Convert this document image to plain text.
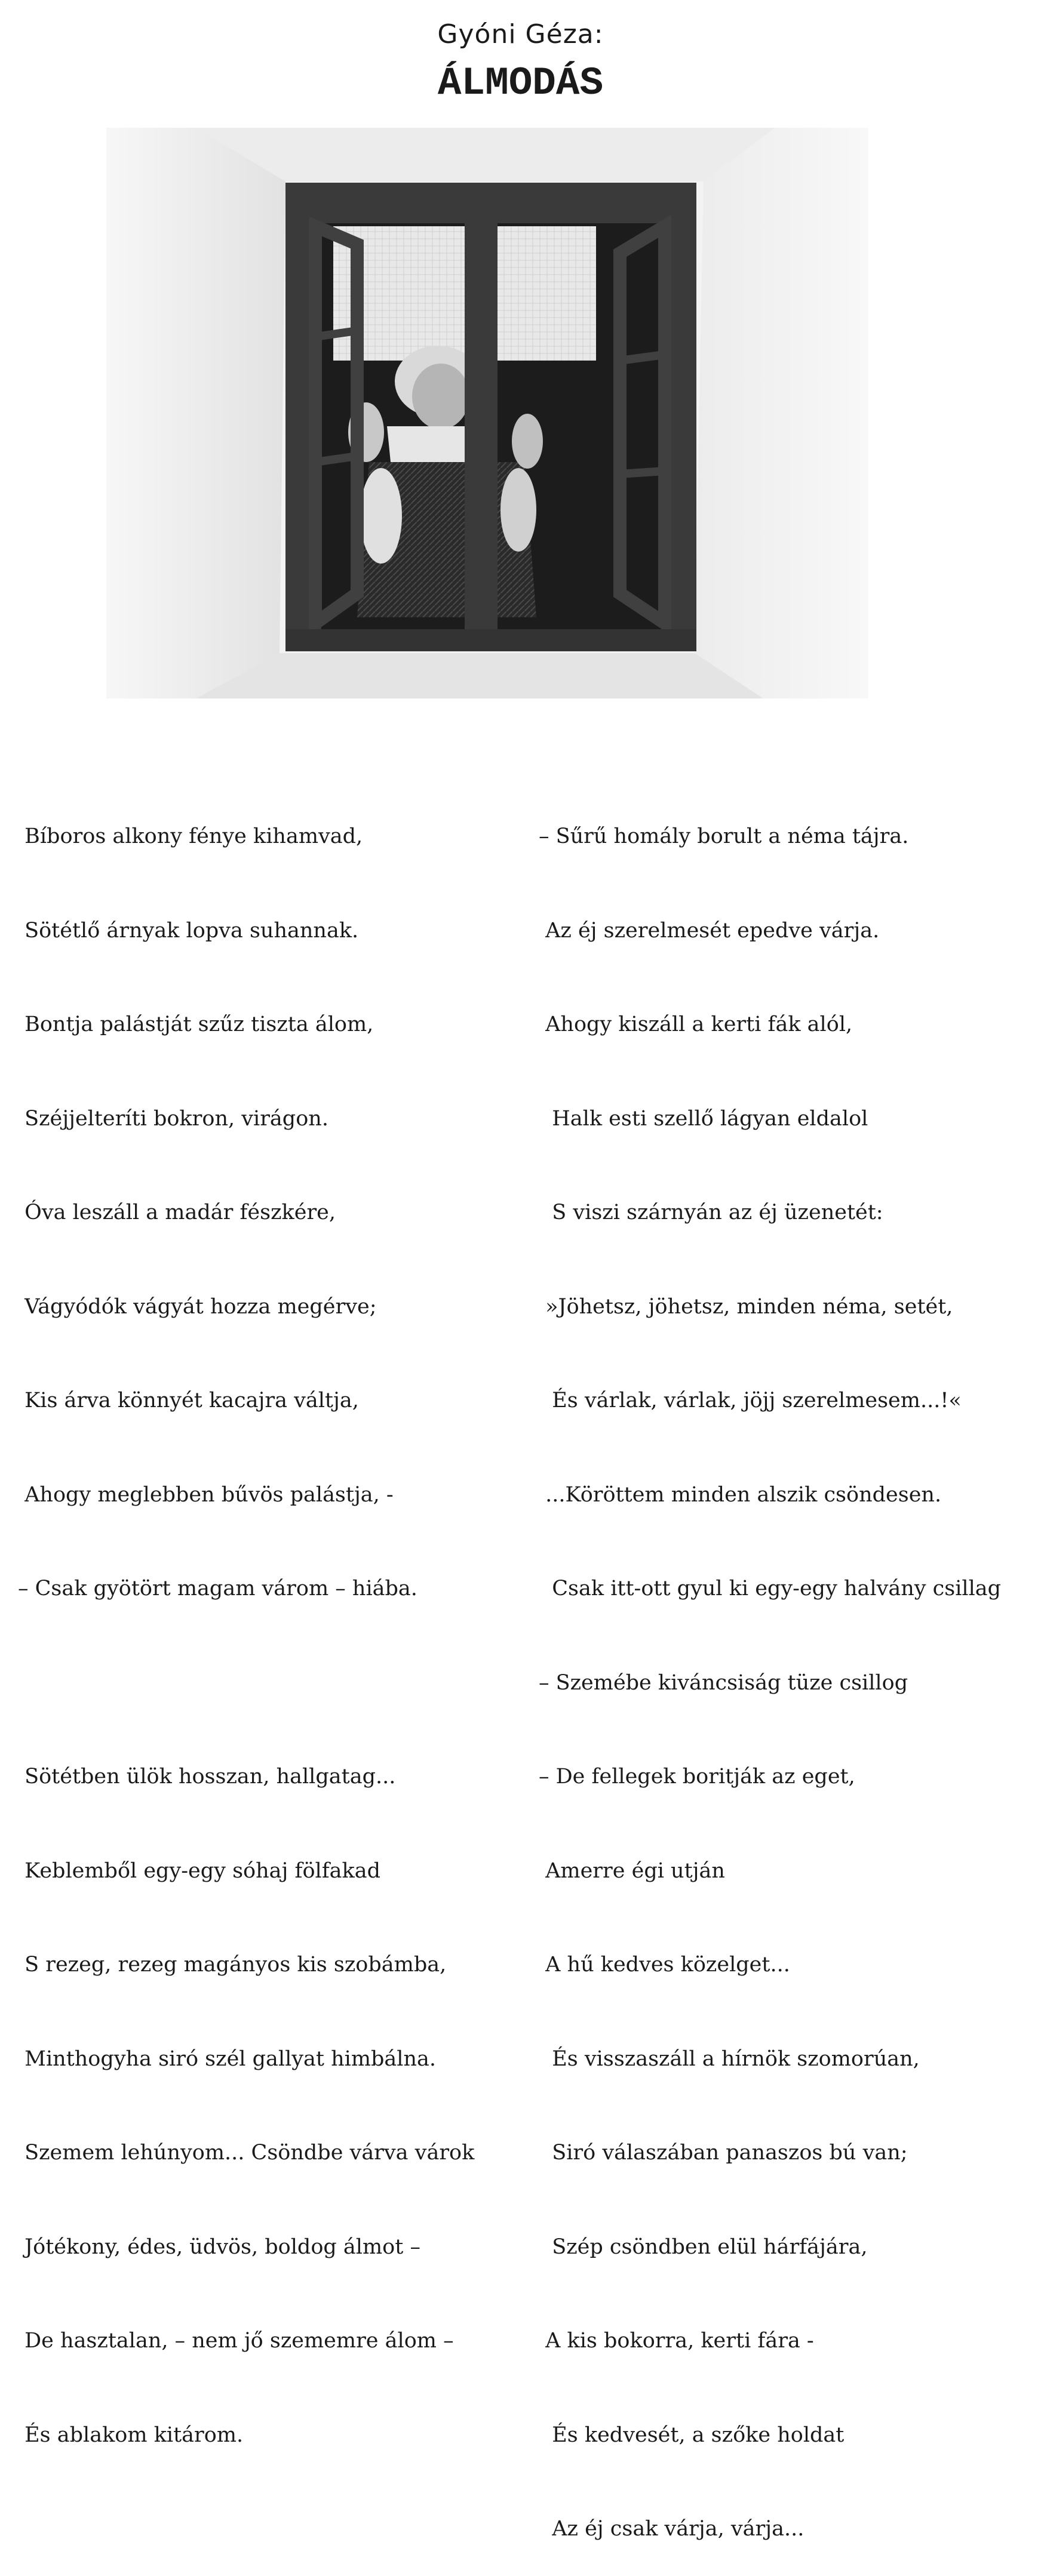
Gyóni Géza:
ÁLMODÁS

Bíboros alkony fénye kihamvad,

Sötétlő árnyak lopva suhannak.

Bontja palástját szűz tiszta álom,

Széjjelteríti bokron, virágon.

Óva leszáll a madár fészkére,

Vágyódók vágyát hozza megérve;

Kis árva könnyét kacajra váltja,

Ahogy meglebben bűvös palástja, -

– Csak gyötört magam várom – hiába.

Sötétben ülök hosszan, hallgatag...

Keblemből egy-egy sóhaj fölfakad

S rezeg, rezeg magányos kis szobámba,

Minthogyha siró szél gallyat himbálna.

Szemem lehúnyom... Csöndbe várva várok

Jótékony, édes, üdvös, boldog álmot –

De hasztalan, – nem jő szememre álom –

És ablakom kitárom.

– Sűrű homály borult a néma tájra.

Az éj szerelmesét epedve várja.

Ahogy kiszáll a kerti fák alól,

Halk esti szellő lágyan eldalol

S viszi szárnyán az éj üzenetét:

»Jöhetsz, jöhetsz, minden néma, setét,

És várlak, várlak, jöjj szerelmesem...!«

...Köröttem minden alszik csöndesen.

Csak itt-ott gyul ki egy-egy halvány csillag

– Szemébe kiváncsiság tüze csillog

– De fellegek boritják az eget,

Amerre égi utján

A hű kedves közelget...

És visszaszáll a hírnök szomorúan,

Siró válaszában panaszos bú van;

Szép csöndben elül hárfájára,

A kis bokorra, kerti fára -

És kedvesét, a szőke holdat

Az éj csak várja, várja...
